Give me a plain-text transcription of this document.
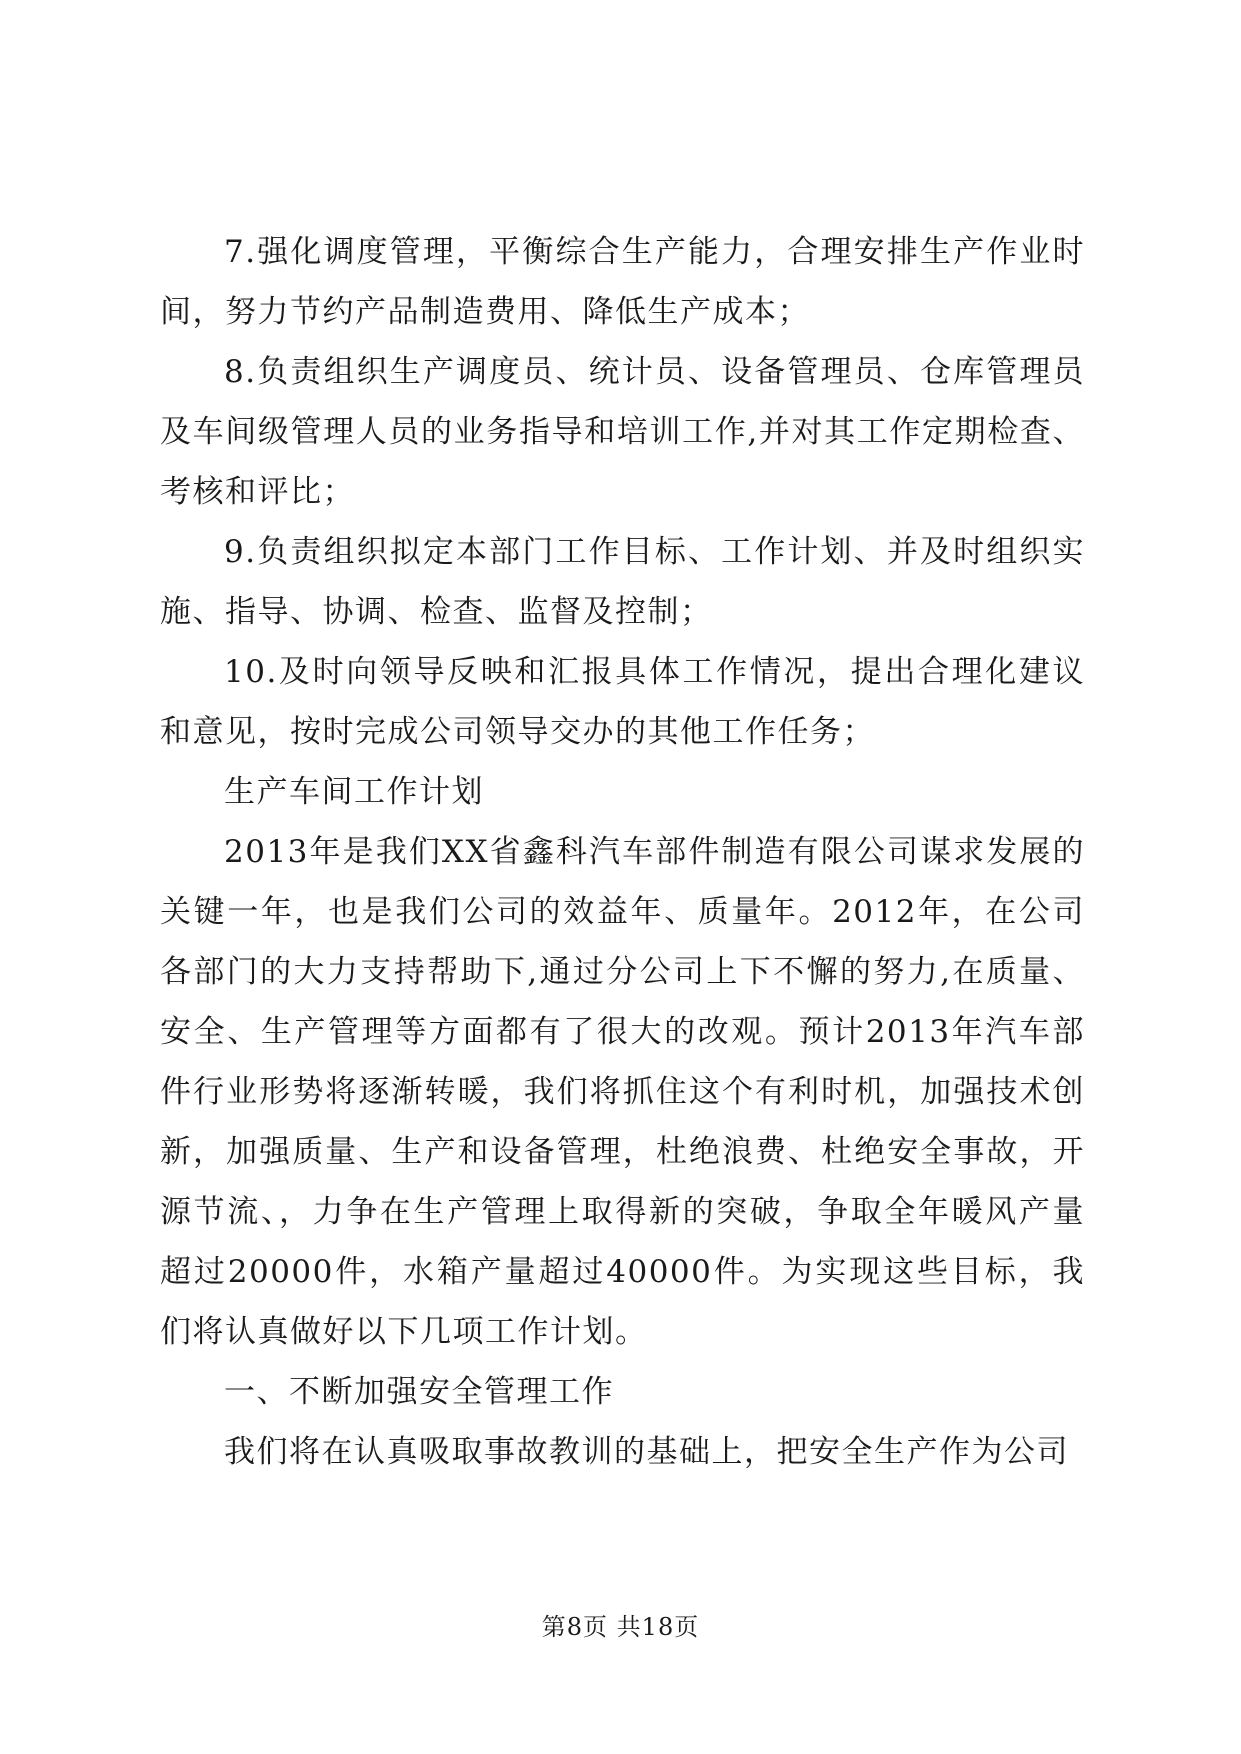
7.强化调度管理，平衡综合生产能力，合理安排生产作业时间，努力节约产品制造费用、降低生产成本；

8.负责组织生产调度员、统计员、设备管理员、仓库管理员及车间级管理人员的业务指导和培训工作,并对其工作定期检查、考核和评比；

9.负责组织拟定本部门工作目标、工作计划、并及时组织实施、指导、协调、检查、监督及控制；

10.及时向领导反映和汇报具体工作情况，提出合理化建议和意见，按时完成公司领导交办的其他工作任务；

生产车间工作计划

2013年是我们XX省鑫科汽车部件制造有限公司谋求发展的关键一年，也是我们公司的效益年、质量年。2012年，在公司各部门的大力支持帮助下,通过分公司上下不懈的努力,在质量、安全、生产管理等方面都有了很大的改观。预计2013年汽车部件行业形势将逐渐转暖，我们将抓住这个有利时机，加强技术创新，加强质量、生产和设备管理，杜绝浪费、杜绝安全事故，开源节流、，力争在生产管理上取得新的突破，争取全年暖风产量超过20000件，水箱产量超过40000件。为实现这些目标，我们将认真做好以下几项工作计划。

一、不断加强安全管理工作

我们将在认真吸取事故教训的基础上，把安全生产作为公司

第8页 共18页
